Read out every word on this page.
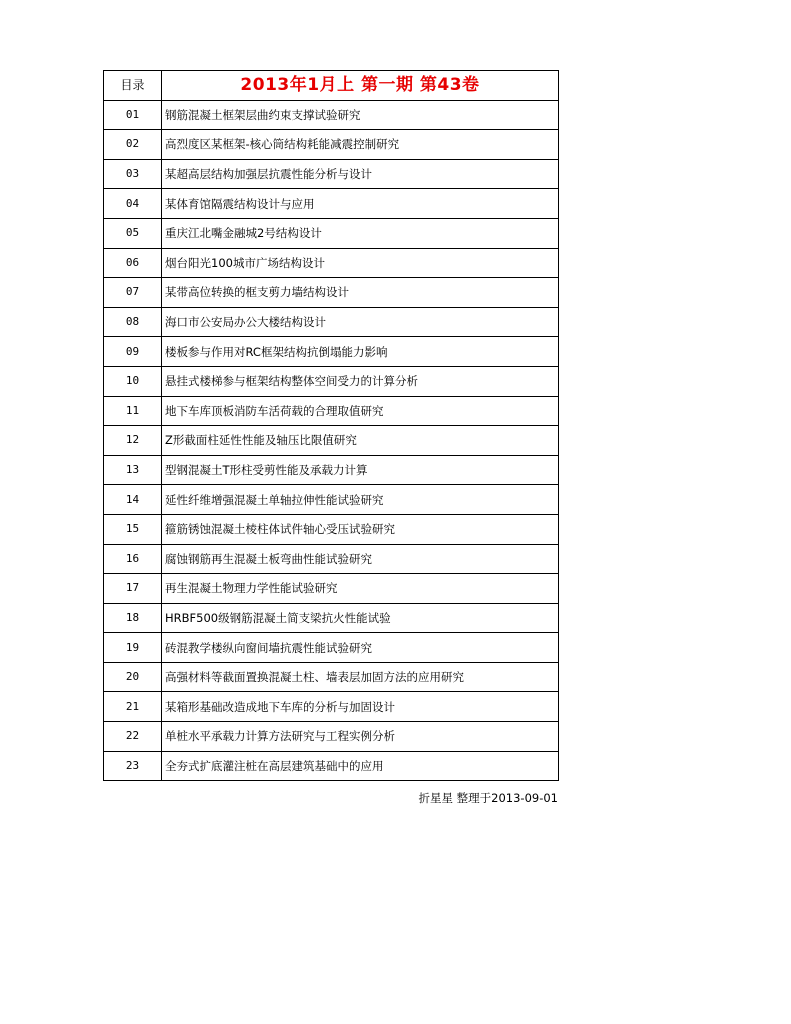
目录	2013年1月上 第一期 第43卷
01	钢筋混凝土框架层曲约束支撑试验研究
02	高烈度区某框架-核心筒结构耗能减震控制研究
03	某超高层结构加强层抗震性能分析与设计
04	某体育馆隔震结构设计与应用
05	重庆江北嘴金融城2号结构设计
06	烟台阳光100城市广场结构设计
07	某带高位转换的框支剪力墙结构设计
08	海口市公安局办公大楼结构设计
09	楼板参与作用对RC框架结构抗倒塌能力影响
10	悬挂式楼梯参与框架结构整体空间受力的计算分析
11	地下车库顶板消防车活荷载的合理取值研究
12	Z形截面柱延性性能及轴压比限值研究
13	型钢混凝土T形柱受剪性能及承载力计算
14	延性纤维增强混凝土单轴拉伸性能试验研究
15	箍筋锈蚀混凝土棱柱体试件轴心受压试验研究
16	腐蚀钢筋再生混凝土板弯曲性能试验研究
17	再生混凝土物理力学性能试验研究
18	HRBF500级钢筋混凝土简支梁抗火性能试验
19	砖混教学楼纵向窗间墙抗震性能试验研究
20	高强材料等截面置换混凝土柱、墙表层加固方法的应用研究
21	某箱形基础改造成地下车库的分析与加固设计
22	单桩水平承载力计算方法研究与工程实例分析
23	全夯式扩底灌注桩在高层建筑基础中的应用
折星星 整理于2013-09-01
